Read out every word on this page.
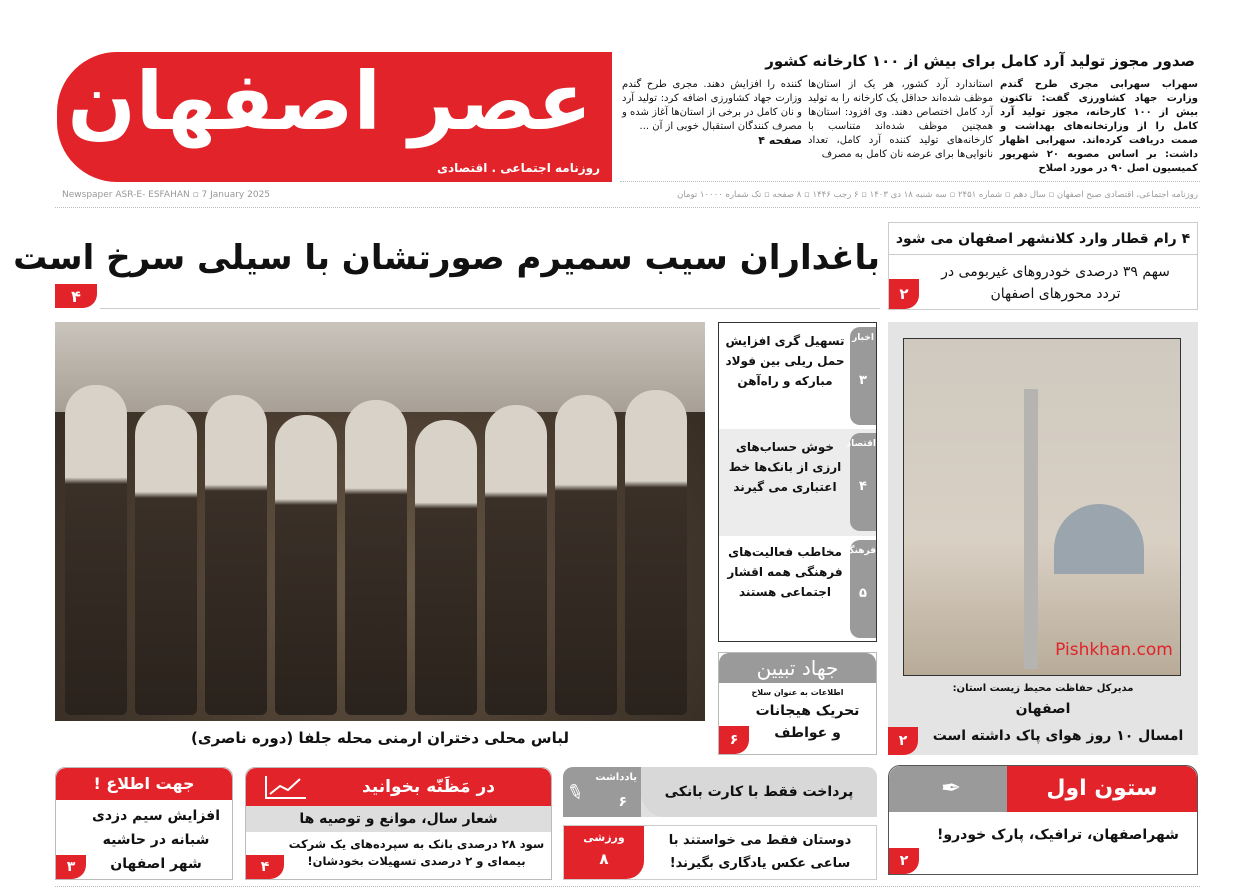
عصر اصفهان
روزنامه اجتماعی . اقتصادی
صدور مجوز تولید آرد کامل برای بیش از ۱۰۰ کارخانه کشور
سهراب سهرابی مجری طرح گندم وزارت جهاد کشاورزی گفت: تاکنون بیش از ۱۰۰ کارخانه، مجوز تولید آرد کامل را از وزارتخانه‌های بهداشت و صمت دریافت کرده‌اند. سهرابی اظهار داشت: بر اساس مصوبه ۲۰ شهریور کمیسیون اصل ۹۰ در مورد اصلاح
استاندارد آرد کشور، هر یک از استان‌ها موظف شده‌اند حداقل یک کارخانه را به تولید آرد کامل اختصاص دهند. وی افزود: استان‌ها همچنین موظف شده‌اند متناسب با کارخانه‌های تولید کننده آرد کامل، تعداد نانوایی‌ها برای عرضه نان کامل به مصرف
کننده را افزایش دهند. مجری طرح گندم وزارت جهاد کشاورزی اضافه کرد: تولید آرد و نان کامل در برخی از استان‌ها آغاز شده و مصرف کنندگان استقبال خوبی از آن ...
صفحه ۴
Newspaper ASR-E- ESFAHAN ▫ 7 January 2025	روزنامه اجتماعی، اقتصادی صبح اصفهان ▫ سال دهم ▫ شماره ۲۴۵۱ ▫ سه شنبه ۱۸ دی ۱۴۰۳ ▫ ۶ رجب ۱۴۴۶ ▫ ۸ صفحه ▫ تک شماره ۱۰۰۰۰ تومان
باغداران سیب سمیرم صورتشان با سیلی سرخ است
۴
۴ رام قطار وارد کلانشهر اصفهان می شود
سهم ۳۹ درصدی خودروهای غیربومی در تردد محورهای اصفهان
۲
لباس محلی دختران ارمنی محله جلفا (دوره ناصری)
تسهیل گری افزایش حمل ریلی بین فولاد مبارکه و راه‌آهن
اخبار
۳
خوش حساب‌های ارزی از بانک‌ها خط اعتباری می گیرند
اقتصاد
۴
مخاطب فعالیت‌های فرهنگی همه اقشار اجتماعی هستند
فرهنگ
۵
جهاد تبیین
اطلاعات به عنوان سلاح
تحریک هیجانات و عواطف
۶
Pishkhan.com
مدیرکل حفاظت محیط زیست استان:
اصفهان
امسال ۱۰ روز هوای پاک داشته است
۲
جهت اطلاع !
افزایش سیم دزدی شبانه در حاشیه شهر اصفهان
۳
در مَظَنّه بخوانید
شعار سال، موانع و توصیه ها
سود ۲۸ درصدی بانک به سپرده‌های یک شرکت بیمه‌ای و ۲ درصدی تسهیلات بخودشان!
۴
پرداخت فقط با کارت بانکی
یادداشت
۶
✎
ورزشی
۸
دوستان فقط می خواستند با ساعی عکس یادگاری بگیرند!
ستون اول
✒
شهراصفهان، ترافیک، پارک خودرو!
۲
